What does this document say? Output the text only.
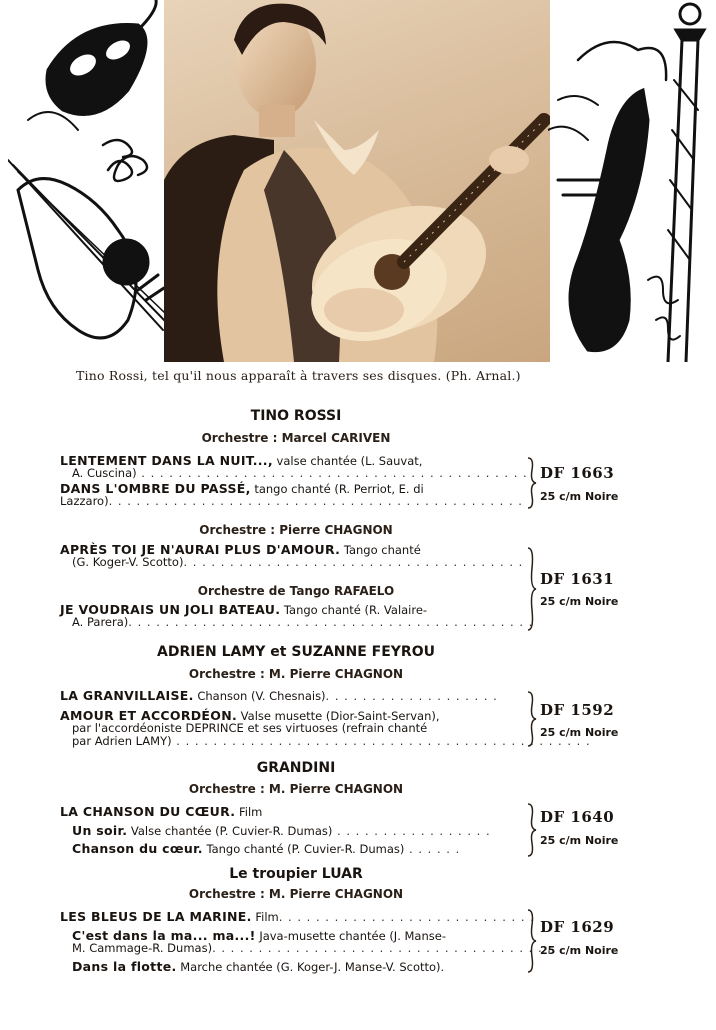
Tino Rossi, tel qu'il nous apparaît à travers ses disques. (Ph. Arnal.)
TINO ROSSI
Orchestre : Marcel CARIVEN
LENTEMENT DANS LA NUIT..., valse chantée (L. Sauvat,
A. Cuscina) . . . . . . . . . . . . . . . . . . . . . . . . . . . . . . . . . . . . . . . . . .
DANS L'OMBRE DU PASSÉ, tango chanté (R. Perriot, E. di
Lazzaro). . . . . . . . . . . . . . . . . . . . . . . . . . . . . . . . . . . . . . . . . . . . .
DF 1663
25 c/m Noire
Orchestre : Pierre CHAGNON
APRÈS TOI JE N'AURAI PLUS D'AMOUR. Tango chanté
(G. Koger-V. Scotto). . . . . . . . . . . . . . . . . . . . . . . . . . . . . . . . . . . . .
Orchestre de Tango RAFAELO
JE VOUDRAIS UN JOLI BATEAU. Tango chanté (R. Valaire-
A. Parera). . . . . . . . . . . . . . . . . . . . . . . . . . . . . . . . . . . . . . . . . . . .
DF 1631
25 c/m Noire
ADRIEN LAMY et SUZANNE FEYROU
Orchestre : M. Pierre CHAGNON
LA GRANVILLAISE. Chanson (V. Chesnais). . . . . . . . . . . . . . . . . . .
AMOUR ET ACCORDÉON. Valse musette (Dior-Saint-Servan),
par l'accordéoniste DEPRINCE et ses virtuoses (refrain chanté
par Adrien LAMY) . . . . . . . . . . . . . . . . . . . . . . . . . . . . . . . . . . . . . . . . . . . . .
DF 1592
25 c/m Noire
GRANDINI
Orchestre : M. Pierre CHAGNON
LA CHANSON DU CŒUR. Film
Un soir. Valse chantée (P. Cuvier-R. Dumas) . . . . . . . . . . . . . . . . .
Chanson du cœur. Tango chanté (P. Cuvier-R. Dumas) . . . . . .
DF 1640
25 c/m Noire
Le troupier LUAR
Orchestre : M. Pierre CHAGNON
LES BLEUS DE LA MARINE. Film. . . . . . . . . . . . . . . . . . . . . . . . . . . .
C'est dans la ma... ma...! Java-musette chantée (J. Manse-
M. Cammage-R. Dumas). . . . . . . . . . . . . . . . . . . . . . . . . . . . . . . . . . . . .
Dans la flotte. Marche chantée (G. Koger-J. Manse-V. Scotto).
DF 1629
25 c/m Noire
